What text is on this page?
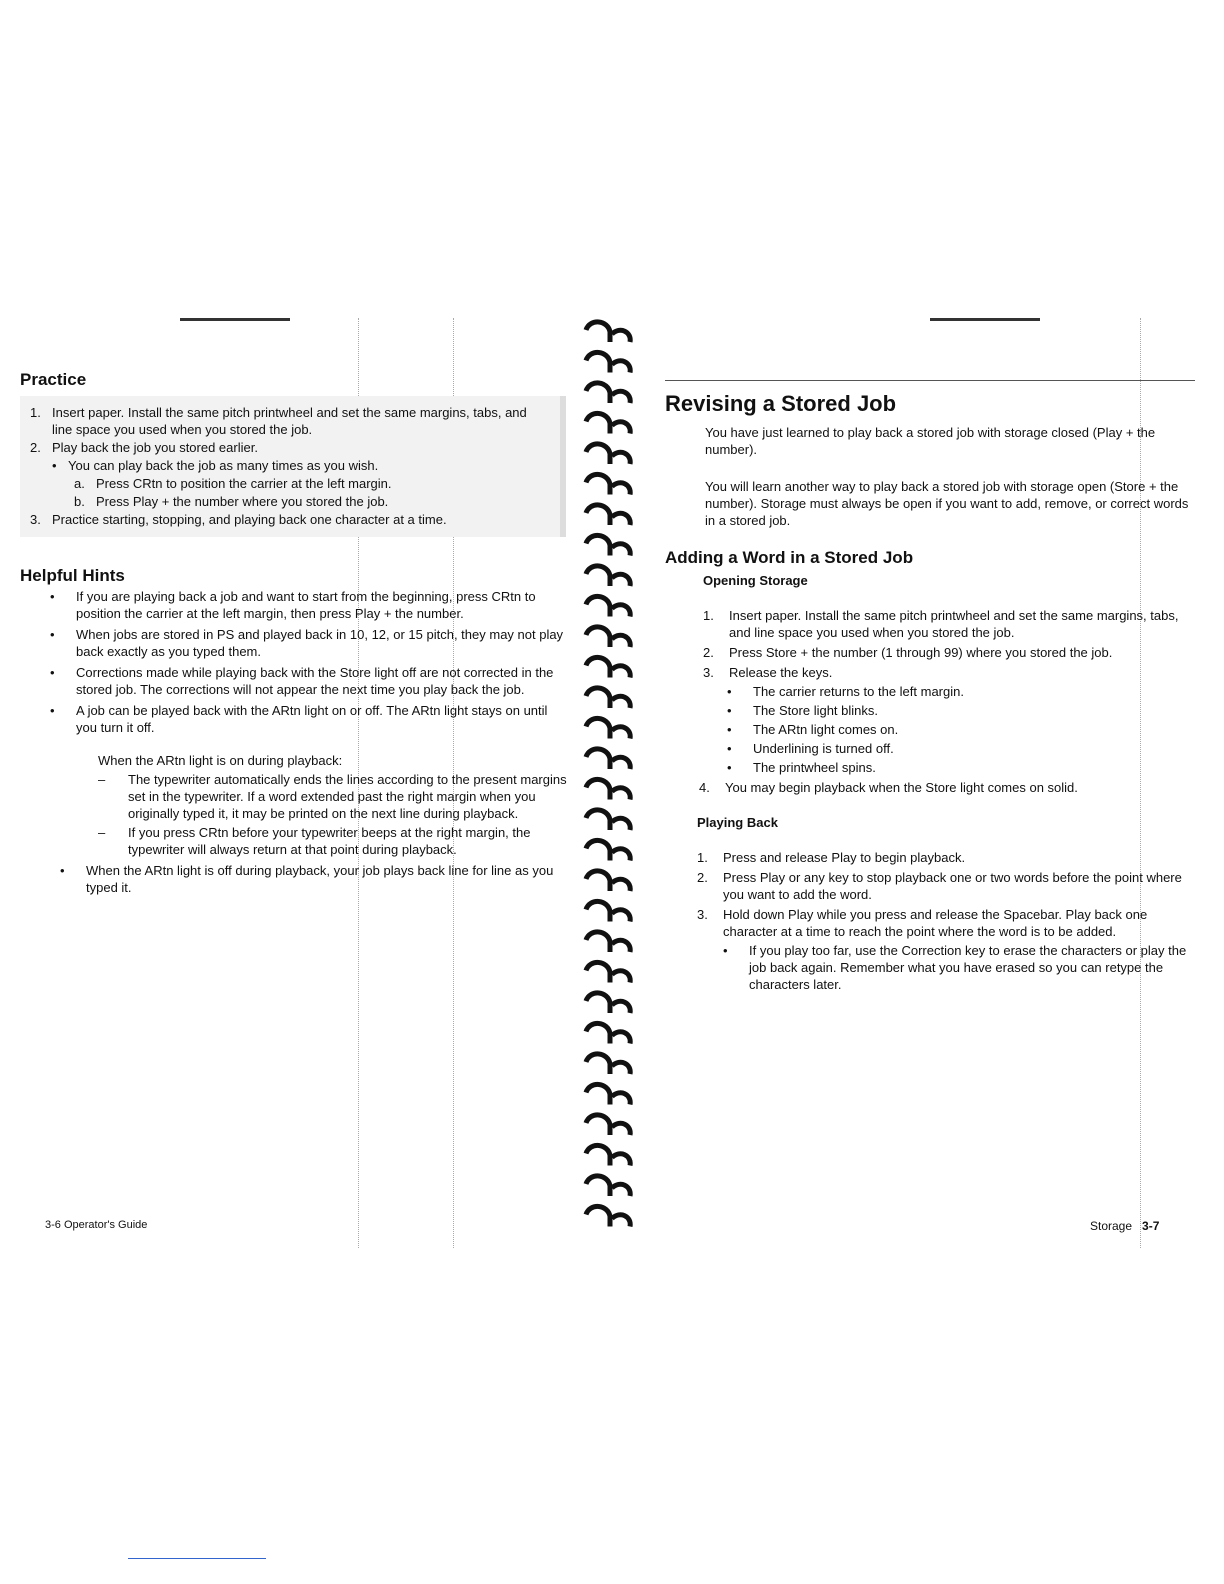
Practice
1. Insert paper. Install the same pitch printwheel and set the same margins, tabs, and line space you used when you stored the job.
2. Play back the job you stored earlier.
• You can play back the job as many times as you wish.
a. Press CRtn to position the carrier at the left margin.
b. Press Play + the number where you stored the job.
3. Practice starting, stopping, and playing back one character at a time.
Helpful Hints
•	If you are playing back a job and want to start from the beginning, press CRtn to position the carrier at the left margin, then press Play + the number.
•	When jobs are stored in PS and played back in 10, 12, or 15 pitch, they may not play back exactly as you typed them.
•	Corrections made while playing back with the Store light off are not corrected in the stored job. The corrections will not appear the next time you play back the job.
•	A job can be played back with the ARtn light on or off. The ARtn light stays on until you turn it off.
When the ARtn light is on during playback:
–	The typewriter automatically ends the lines according to the present margins set in the typewriter. If a word extended past the right margin when you originally typed it, it may be printed on the next line during playback.
–	If you press CRtn before your typewriter beeps at the right margin, the typewriter will always return at that point during playback.
•	When the ARtn light is off during playback, your job plays back line for line as you typed it.
3-6 Operator's Guide
Revising a Stored Job
You have just learned to play back a stored job with storage closed (Play + the number).
You will learn another way to play back a stored job with storage open (Store + the number). Storage must always be open if you want to add, remove, or correct words in a stored job.
Adding a Word in a Stored Job
Opening Storage
1.	Insert paper. Install the same pitch printwheel and set the same margins, tabs, and line space you used when you stored the job.
2.	Press Store + the number (1 through 99) where you stored the job.
3.	Release the keys.
•	The carrier returns to the left margin.
•	The Store light blinks.
•	The ARtn light comes on.
•	Underlining is turned off.
•	The printwheel spins.
4.	You may begin playback when the Store light comes on solid.
Playing Back
1.	Press and release Play to begin playback.
2.	Press Play or any key to stop playback one or two words before the point where you want to add the word.
3.	Hold down Play while you press and release the Spacebar. Play back one character at a time to reach the point where the word is to be added.
•	If you play too far, use the Correction key to erase the characters or play the job back again. Remember what you have erased so you can retype the characters later.
Storage 3-7
